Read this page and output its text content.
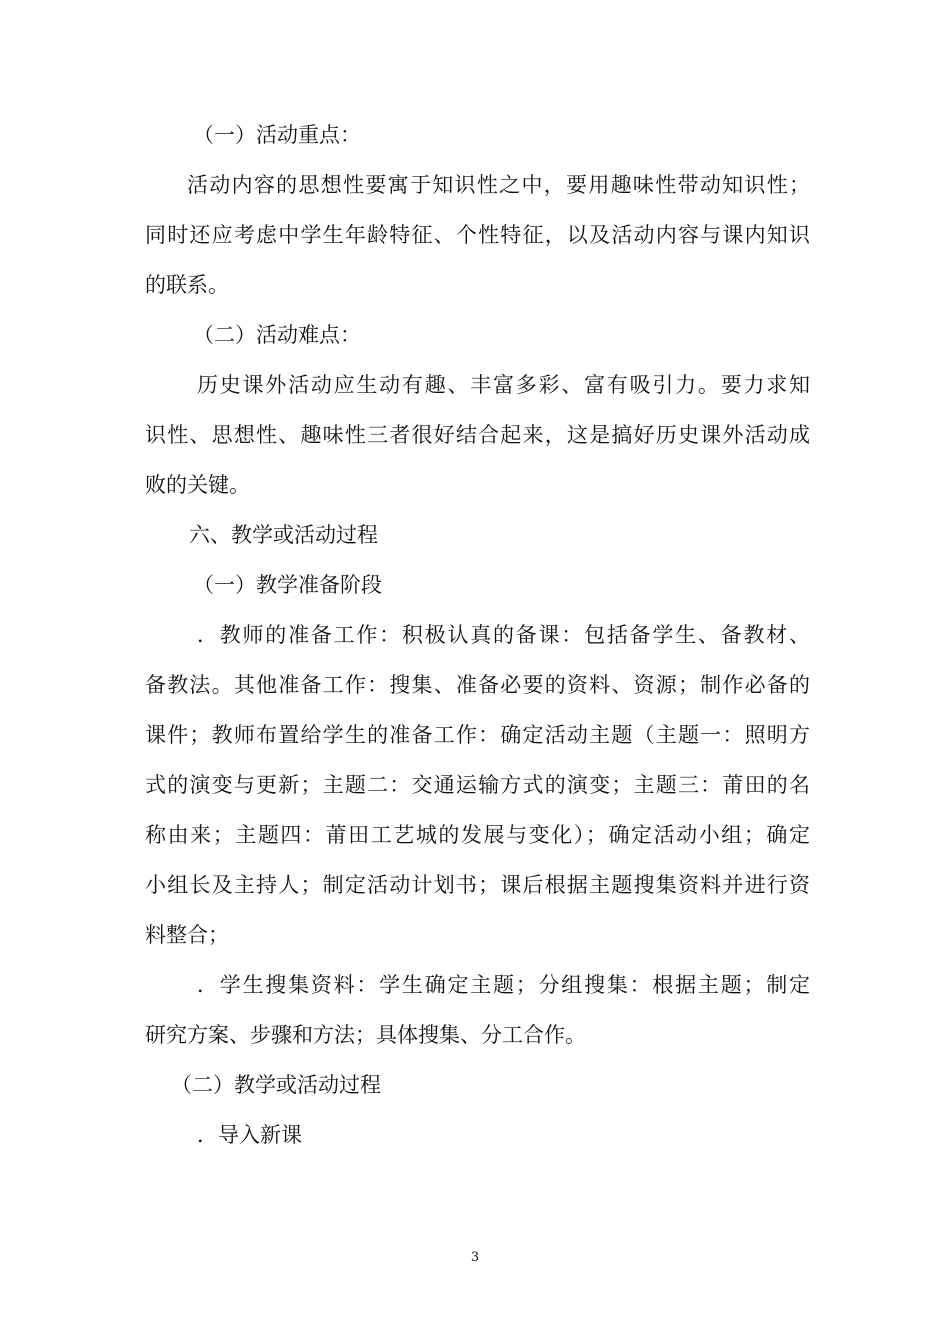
（一）活动重点：
活动内容的思想性要寓于知识性之中，要用趣味性带动知识性；
同时还应考虑中学生年龄特征、个性特征，以及活动内容与课内知识
的联系。
（二）活动难点：
历史课外活动应生动有趣、丰富多彩、富有吸引力。要力求知
识性、思想性、趣味性三者很好结合起来，这是搞好历史课外活动成
败的关键。
六、教学或活动过程
（一）教学准备阶段
．教师的准备工作：积极认真的备课：包括备学生、备教材、
备教法。其他准备工作：搜集、准备必要的资料、资源；制作必备的
课件；教师布置给学生的准备工作：确定活动主题（主题一：照明方
式的演变与更新；主题二：交通运输方式的演变；主题三：莆田的名
称由来；主题四：莆田工艺城的发展与变化）；确定活动小组；确定
小组长及主持人；制定活动计划书；课后根据主题搜集资料并进行资
料整合；
．学生搜集资料：学生确定主题；分组搜集：根据主题；制定
研究方案、步骤和方法；具体搜集、分工合作。
（二）教学或活动过程
．导入新课
3
